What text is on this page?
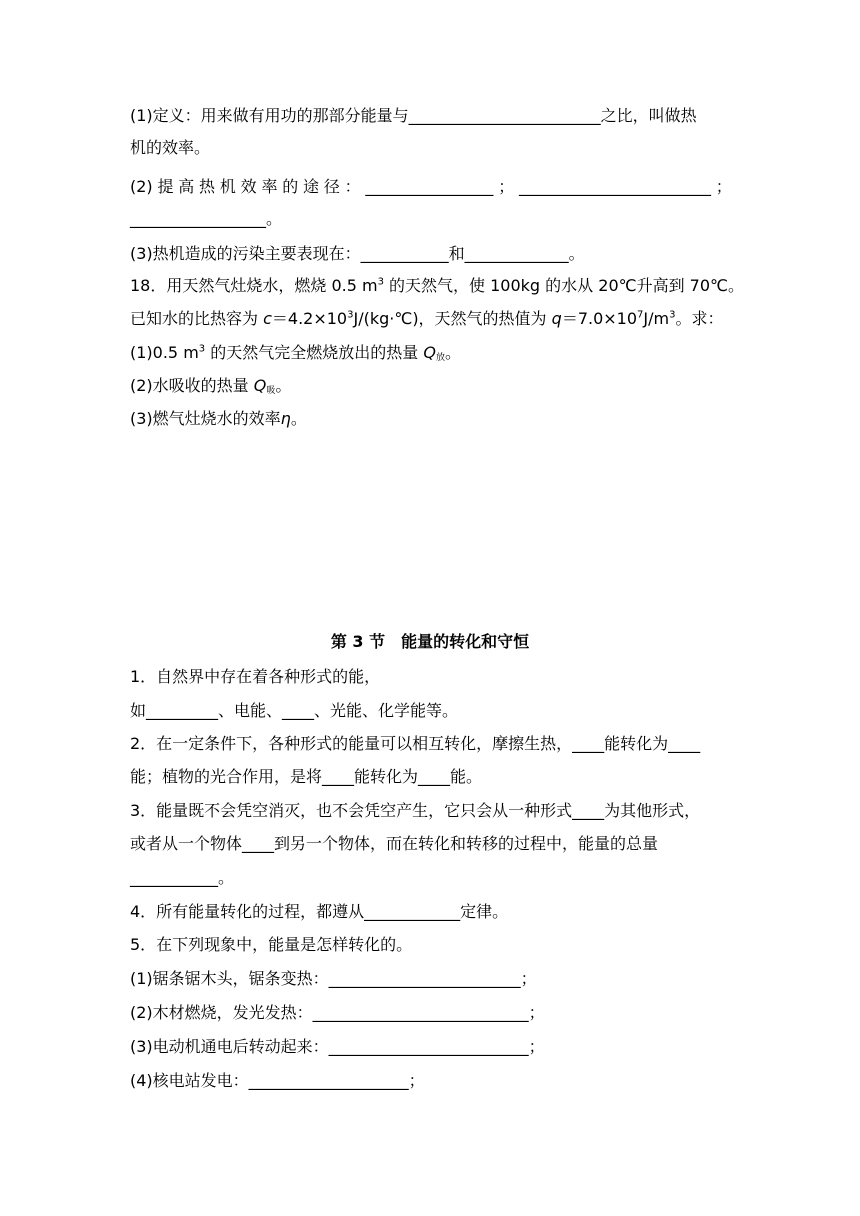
(1)定义：用来做有用功的那部分能量与________________________之比，叫做热
机的效率。
(2) 提 高 热 机 效 率 的 途 径 ： ________________ ； ________________________ ；
_________________。
(3)热机造成的污染主要表现在：___________和_____________。
18．用天然气灶烧水，燃烧 0.5 $m^3$ 的天然气，使 100kg 的水从 20℃升高到 70℃。
已知水的比热容为 $c=4.2\times 10^3J/(kg\cdot℃)$，天然气的热值为 $q=7.0\times 10^7J/m^3$。求：
(1)0.5 $m^3$ 的天然气完全燃烧放出的热量 $Q_放$。
(2)水吸收的热量 $Q_吸$。
(3)燃气灶烧水的效率η。
第 3 节　能量的转化和守恒
1．自然界中存在着各种形式的能，
如_________、电能、____、光能、化学能等。
2．在一定条件下，各种形式的能量可以相互转化，摩擦生热，____能转化为____
能；植物的光合作用，是将____能转化为____能。
3．能量既不会凭空消灭，也不会凭空产生，它只会从一种形式____为其他形式，
或者从一个物体____到另一个物体，而在转化和转移的过程中，能量的总量
___________。
4．所有能量转化的过程，都遵从____________定律。
5．在下列现象中，能量是怎样转化的。
(1)锯条锯木头，锯条变热：________________________；
(2)木材燃烧，发光发热：___________________________；
(3)电动机通电后转动起来：_________________________；
(4)核电站发电：____________________；
